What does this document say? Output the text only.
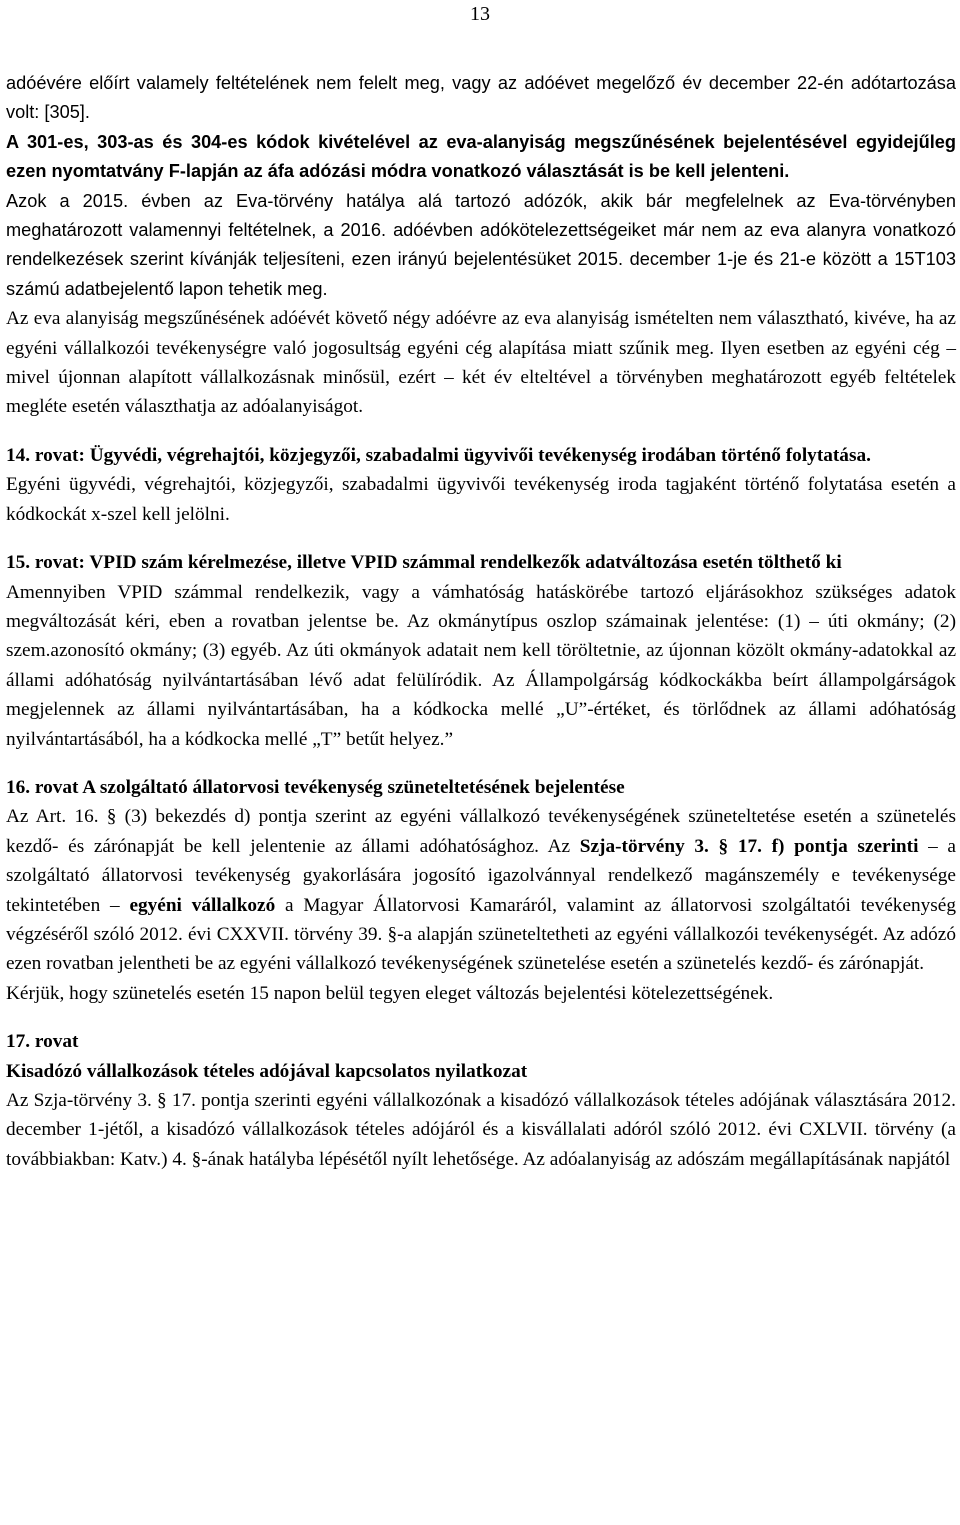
13

adóévére előírt valamely feltételének nem felelt meg, vagy az adóévet megelőző év december 22-én adótartozása volt: [305].

A 301-es, 303-as és 304-es kódok kivételével az eva-alanyiság megszűnésének bejelentésével egyidejűleg ezen nyomtatvány F-lapján az áfa adózási módra vonatkozó választását is be kell jelenteni.

Azok a 2015. évben az Eva-törvény hatálya alá tartozó adózók, akik bár megfelelnek az Eva-törvényben meghatározott valamennyi feltételnek, a 2016. adóévben adókötelezettségeiket már nem az eva alanyra vonatkozó rendelkezések szerint kívánják teljesíteni, ezen irányú bejelentésüket 2015. december 1-je és 21-e között a 15T103 számú adatbejelentő lapon tehetik meg.

Az eva alanyiság megszűnésének adóévét követő négy adóévre az eva alanyiság ismételten nem választható, kivéve, ha az egyéni vállalkozói tevékenységre való jogosultság egyéni cég alapítása miatt szűnik meg. Ilyen esetben az egyéni cég – mivel újonnan alapított vállalkozásnak minősül, ezért – két év elteltével a törvényben meghatározott egyéb feltételek megléte esetén választhatja az adóalanyiságot.

14. rovat: Ügyvédi, végrehajtói, közjegyzői, szabadalmi ügyvivői tevékenység irodában történő folytatása.

Egyéni ügyvédi, végrehajtói, közjegyzői, szabadalmi ügyvivői tevékenység iroda tagjaként történő folytatása esetén a kódkockát x-szel kell jelölni.

15. rovat: VPID szám kérelmezése, illetve VPID számmal rendelkezők adatváltozása esetén tölthető ki

Amennyiben VPID számmal rendelkezik, vagy a vámhatóság hatáskörébe tartozó eljárásokhoz szükséges adatok megváltozását kéri, eben a rovatban jelentse be. Az okmánytípus oszlop számainak jelentése: (1) – úti okmány; (2) szem.azonosító okmány; (3) egyéb. Az úti okmányok adatait nem kell töröltetnie, az újonnan közölt okmány-adatokkal az állami adóhatóság nyilvántartásában lévő adat felülíródik. Az Állampolgárság kódkockákba beírt állampolgárságok megjelennek az állami nyilvántartásában, ha a kódkocka mellé „U”-értéket, és törlődnek az állami adóhatóság nyilvántartásából, ha a kódkocka mellé „T” betűt helyez.”

16. rovat A szolgáltató állatorvosi tevékenység szüneteltetésének bejelentése

Az Art. 16. § (3) bekezdés d) pontja szerint az egyéni vállalkozó tevékenységének szüneteltetése esetén a szünetelés kezdő- és zárónapját be kell jelentenie az állami adóhatósághoz. Az Szja-törvény 3. § 17. f) pontja szerinti – a szolgáltató állatorvosi tevékenység gyakorlására jogosító igazolvánnyal rendelkező magánszemély e tevékenysége tekintetében – egyéni vállalkozó a Magyar Állatorvosi Kamaráról, valamint az állatorvosi szolgáltatói tevékenység végzéséről szóló 2012. évi CXXVII. törvény 39. §-a alapján szüneteltetheti az egyéni vállalkozói tevékenységét. Az adózó ezen rovatban jelentheti be az egyéni vállalkozó tevékenységének szünetelése esetén a szünetelés kezdő- és zárónapját.

Kérjük, hogy szünetelés esetén 15 napon belül tegyen eleget változás bejelentési kötelezettségének.

17. rovat

Kisadózó vállalkozások tételes adójával kapcsolatos nyilatkozat

Az Szja-törvény 3. § 17. pontja szerinti egyéni vállalkozónak a kisadózó vállalkozások tételes adójának választására 2012. december 1-jétől, a kisadózó vállalkozások tételes adójáról és a kisvállalati adóról szóló 2012. évi CXLVII. törvény (a továbbiakban: Katv.) 4. §-ának hatályba lépésétől nyílt lehetősége. Az adóalanyiság az adószám megállapításának napjától
